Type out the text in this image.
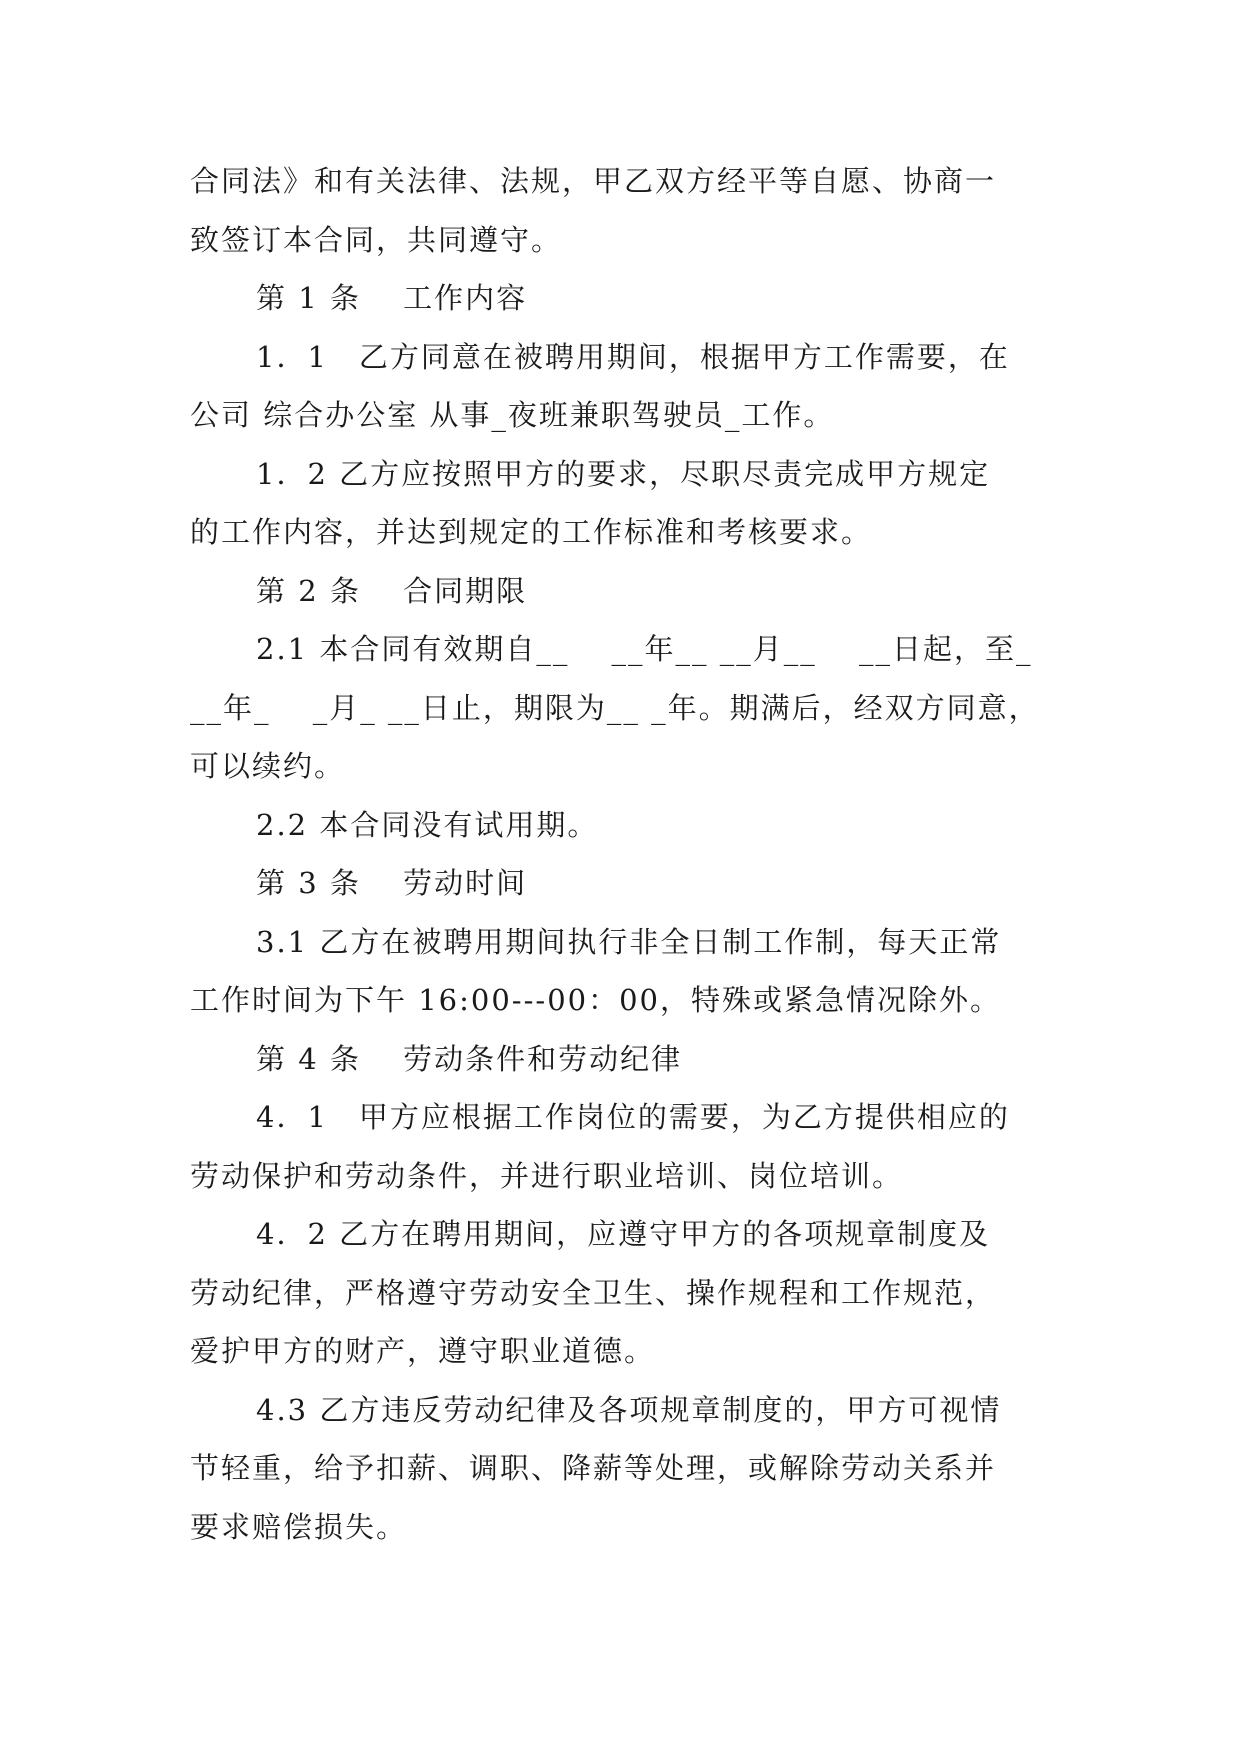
合同法》和有关法律、法规，甲乙双方经平等自愿、协商一
致签订本合同，共同遵守。
第 1 条　 工作内容
1．1　乙方同意在被聘用期间，根据甲方工作需要，在
公司 综合办公室 从事_夜班兼职驾驶员_工作。
1．2 乙方应按照甲方的要求，尽职尽责完成甲方规定
的工作内容，并达到规定的工作标准和考核要求。
第 2 条　 合同期限
2.1 本合同有效期自__　 __年__ __月__　 __日起，至_
__年_　 _月_ __日止，期限为__ _年。期满后，经双方同意，
可以续约。
2.2 本合同没有试用期。
第 3 条　 劳动时间
3.1 乙方在被聘用期间执行非全日制工作制，每天正常
工作时间为下午 16:00---00：00，特殊或紧急情况除外。
第 4 条　 劳动条件和劳动纪律
4．1　甲方应根据工作岗位的需要，为乙方提供相应的
劳动保护和劳动条件，并进行职业培训、岗位培训。
4．2 乙方在聘用期间，应遵守甲方的各项规章制度及
劳动纪律，严格遵守劳动安全卫生、操作规程和工作规范，
爱护甲方的财产，遵守职业道德。
4.3 乙方违反劳动纪律及各项规章制度的，甲方可视情
节轻重，给予扣薪、调职、降薪等处理，或解除劳动关系并
要求赔偿损失。
